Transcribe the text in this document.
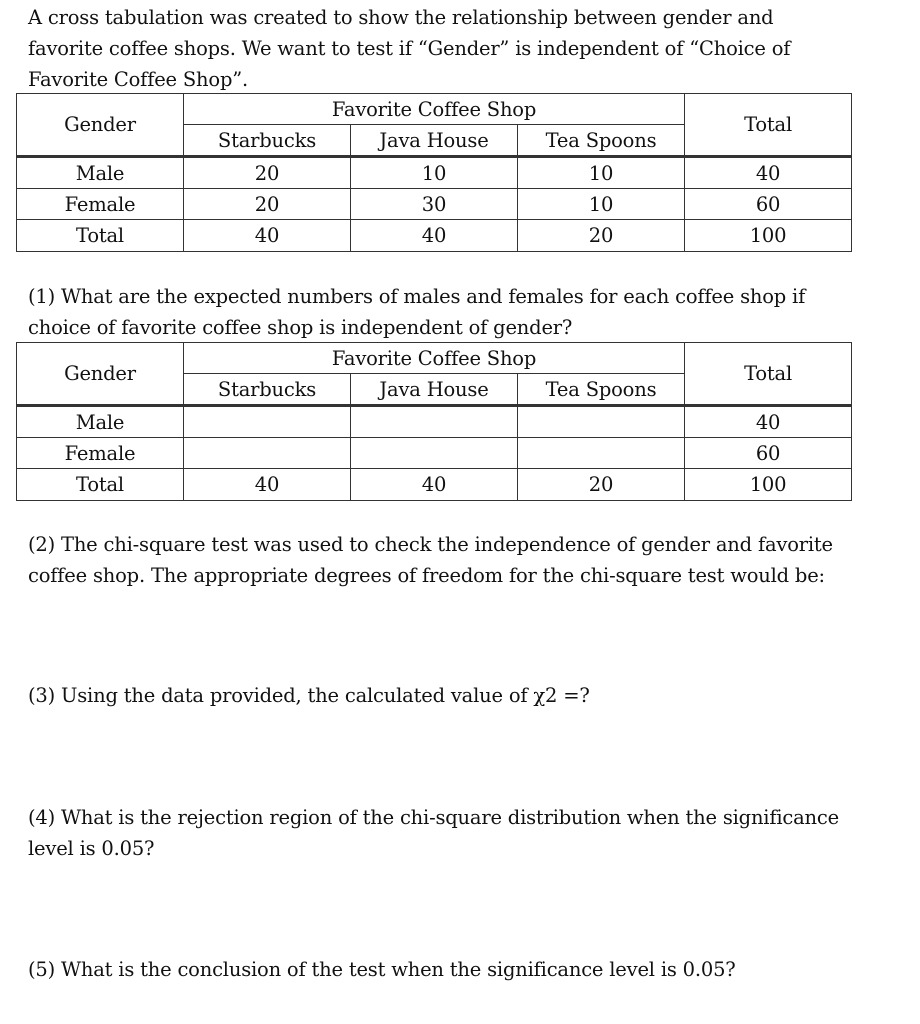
A cross tabulation was created to show the relationship between gender and
favorite coffee shops. We want to test if “Gender” is independent of “Choice of
Favorite Coffee Shop”.

Gender	Favorite Coffee Shop			Total
	Starbucks	Java House	Tea Spoons	
Male	20	10	10	40
Female	20	30	10	60
Total	40	40	20	100

(1) What are the expected numbers of males and females for each coffee shop if
choice of favorite coffee shop is independent of gender?

Gender	Favorite Coffee Shop			Total
	Starbucks	Java House	Tea Spoons	
Male				40
Female				60
Total	40	40	20	100

(2) The chi-square test was used to check the independence of gender and favorite
coffee shop. The appropriate degrees of freedom for the chi-square test would be:

(3) Using the data provided, the calculated value of χ2 =?

(4) What is the rejection region of the chi-square distribution when the significance
level is 0.05?

(5) What is the conclusion of the test when the significance level is 0.05?
